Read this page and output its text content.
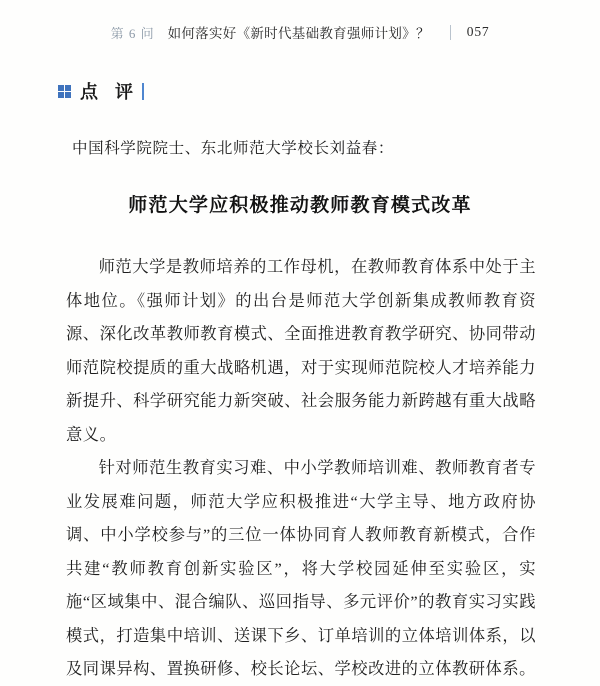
第 6 问 如何落实好《新时代基础教育强师计划》？	057
点 评
中国科学院院士、东北师范大学校长刘益春：
师范大学应积极推动教师教育模式改革

师范大学是教师培养的工作母机，在教师教育体系中处于主体地位。《强师计划》的出台是师范大学创新集成教师教育资源、深化改革教师教育模式、全面推进教育教学研究、协同带动师范院校提质的重大战略机遇，对于实现师范院校人才培养能力新提升、科学研究能力新突破、社会服务能力新跨越有重大战略意义。

针对师范生教育实习难、中小学教师培训难、教师教育者专业发展难问题，师范大学应积极推进“大学主导、地方政府协调、中小学校参与”的三位一体协同育人教师教育新模式，合作共建“教师教育创新实验区”，将大学校园延伸至实验区，实施“区域集中、混合编队、巡回指导、多元评价”的教育实习实践模式，打造集中培训、送课下乡、订单培训的立体培训体系，以及同课异构、置换研修、校长论坛、学校改进的立体教研体系。
